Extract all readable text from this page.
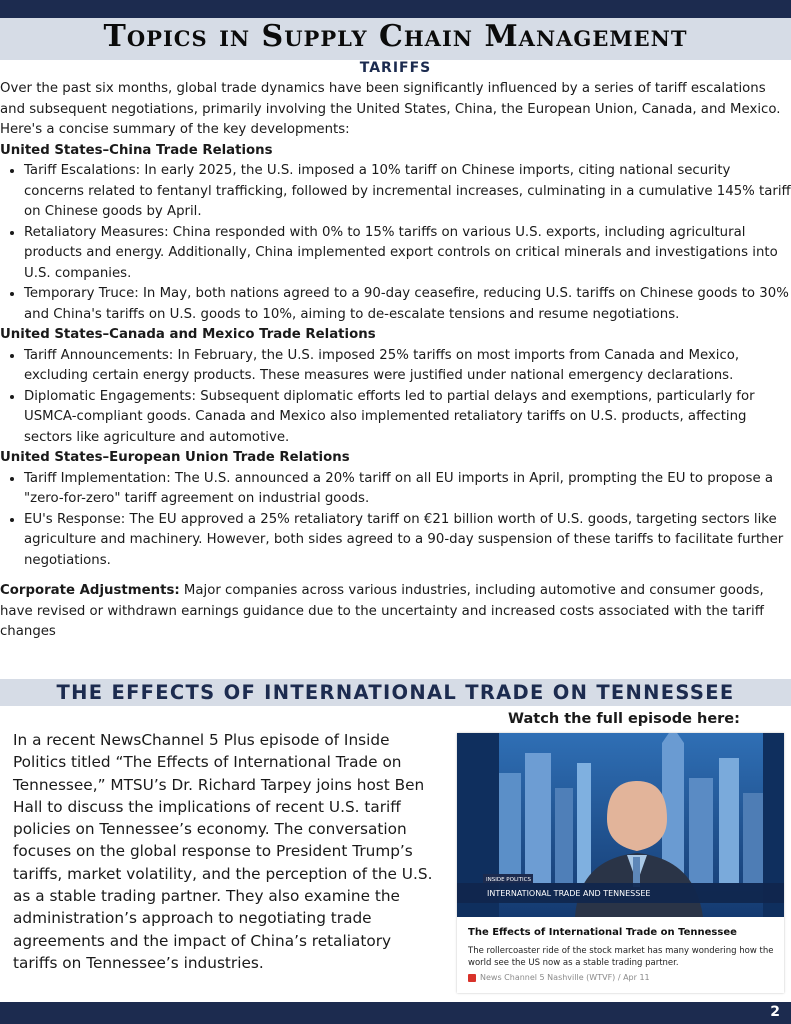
Topics in Supply Chain Management
TARIFFS

Over the past six months, global trade dynamics have been significantly influenced by a series of tariff escalations and subsequent negotiations, primarily involving the United States, China, the European Union, Canada, and Mexico. Here's a concise summary of the key developments:

United States–China Trade Relations

• Tariff Escalations: In early 2025, the U.S. imposed a 10% tariff on Chinese imports, citing national security concerns related to fentanyl trafficking, followed by incremental increases, culminating in a cumulative 145% tariff on Chinese goods by April.
• Retaliatory Measures: China responded with 0% to 15% tariffs on various U.S. exports, including agricultural products and energy. Additionally, China implemented export controls on critical minerals and investigations into U.S. companies.
• Temporary Truce: In May, both nations agreed to a 90-day ceasefire, reducing U.S. tariffs on Chinese goods to 30% and China's tariffs on U.S. goods to 10%, aiming to de-escalate tensions and resume negotiations.

United States–Canada and Mexico Trade Relations

• Tariff Announcements: In February, the U.S. imposed 25% tariffs on most imports from Canada and Mexico, excluding certain energy products. These measures were justified under national emergency declarations.
• Diplomatic Engagements: Subsequent diplomatic efforts led to partial delays and exemptions, particularly for USMCA-compliant goods. Canada and Mexico also implemented retaliatory tariffs on U.S. products, affecting sectors like agriculture and automotive.

United States–European Union Trade Relations

• Tariff Implementation: The U.S. announced a 20% tariff on all EU imports in April, prompting the EU to propose a "zero-for-zero" tariff agreement on industrial goods.
• EU's Response: The EU approved a 25% retaliatory tariff on €21 billion worth of U.S. goods, targeting sectors like agriculture and machinery. However, both sides agreed to a 90-day suspension of these tariffs to facilitate further negotiations.

Corporate Adjustments: Major companies across various industries, including automotive and consumer goods, have revised or withdrawn earnings guidance due to the uncertainty and increased costs associated with the tariff changes

THE EFFECTS OF INTERNATIONAL TRADE ON TENNESSEE

In a recent NewsChannel 5 Plus episode of Inside Politics titled “The Effects of International Trade on Tennessee,” MTSU’s Dr. Richard Tarpey joins host Ben Hall to discuss the implications of recent U.S. tariff policies on Tennessee’s economy. The conversation focuses on the global response to President Trump’s tariffs, market volatility, and the perception of the U.S. as a stable trading partner. They also examine the administration’s approach to negotiating trade agreements and the impact of China’s retaliatory tariffs on Tennessee’s industries.

Watch the full episode here:
INSIDE POLITICS
INTERNATIONAL TRADE AND TENNESSEE
The Effects of International Trade on Tennessee
The rollercoaster ride of the stock market has many wondering how the world see the US now as a stable trading partner.
News Channel 5 Nashville (WTVF) / Apr 11
2
